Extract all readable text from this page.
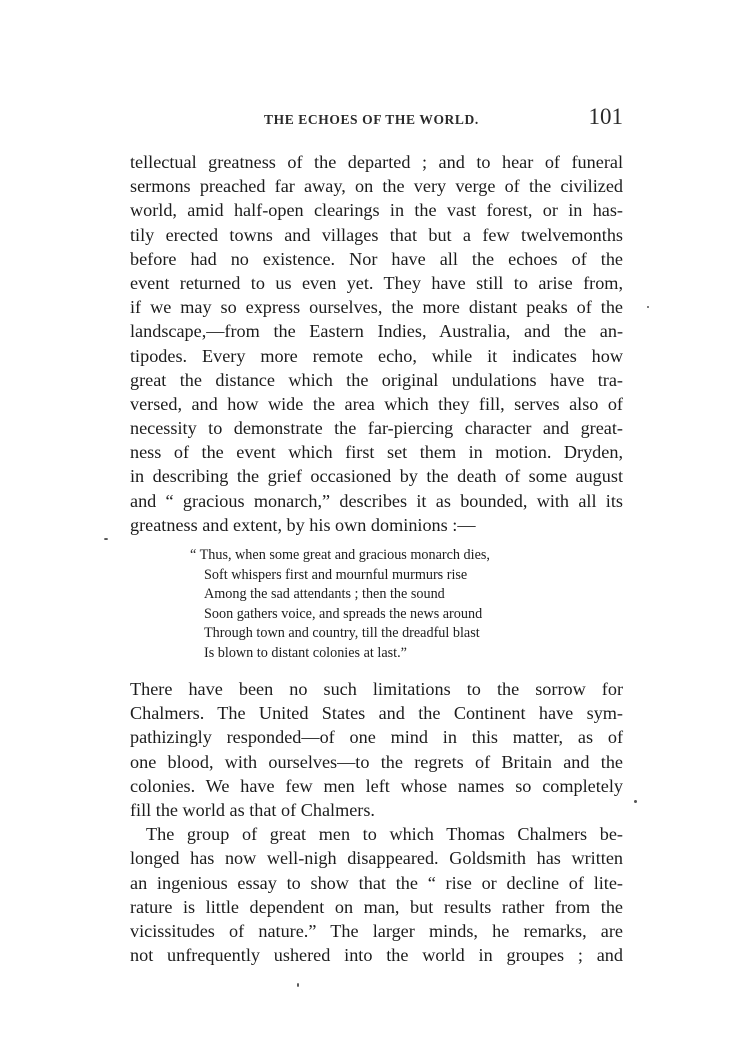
THE ECHOES OF THE WORLD.	101
tellectual greatness of the departed ; and to hear of funeral
sermons preached far away, on the very verge of the civilized
world, amid half-open clearings in the vast forest, or in has-
tily erected towns and villages that but a few twelvemonths
before had no existence. Nor have all the echoes of the
event returned to us even yet. They have still to arise from,
if we may so express ourselves, the more distant peaks of the
landscape,—from the Eastern Indies, Australia, and the an-
tipodes. Every more remote echo, while it indicates how
great the distance which the original undulations have tra-
versed, and how wide the area which they fill, serves also of
necessity to demonstrate the far-piercing character and great-
ness of the event which first set them in motion. Dryden,
in describing the grief occasioned by the death of some august
and “ gracious monarch,” describes it as bounded, with all its
greatness and extent, by his own dominions :—
“ Thus, when some great and gracious monarch dies,
Soft whispers first and mournful murmurs rise
Among the sad attendants ; then the sound
Soon gathers voice, and spreads the news around
Through town and country, till the dreadful blast
Is blown to distant colonies at last.”
There have been no such limitations to the sorrow for
Chalmers. The United States and the Continent have sym-
pathizingly responded—of one mind in this matter, as of
one blood, with ourselves—to the regrets of Britain and the
colonies. We have few men left whose names so completely
fill the world as that of Chalmers.
The group of great men to which Thomas Chalmers be-
longed has now well-nigh disappeared. Goldsmith has written
an ingenious essay to show that the “ rise or decline of lite-
rature is little dependent on man, but results rather from the
vicissitudes of nature.” The larger minds, he remarks, are
not unfrequently ushered into the world in groupes ; and
